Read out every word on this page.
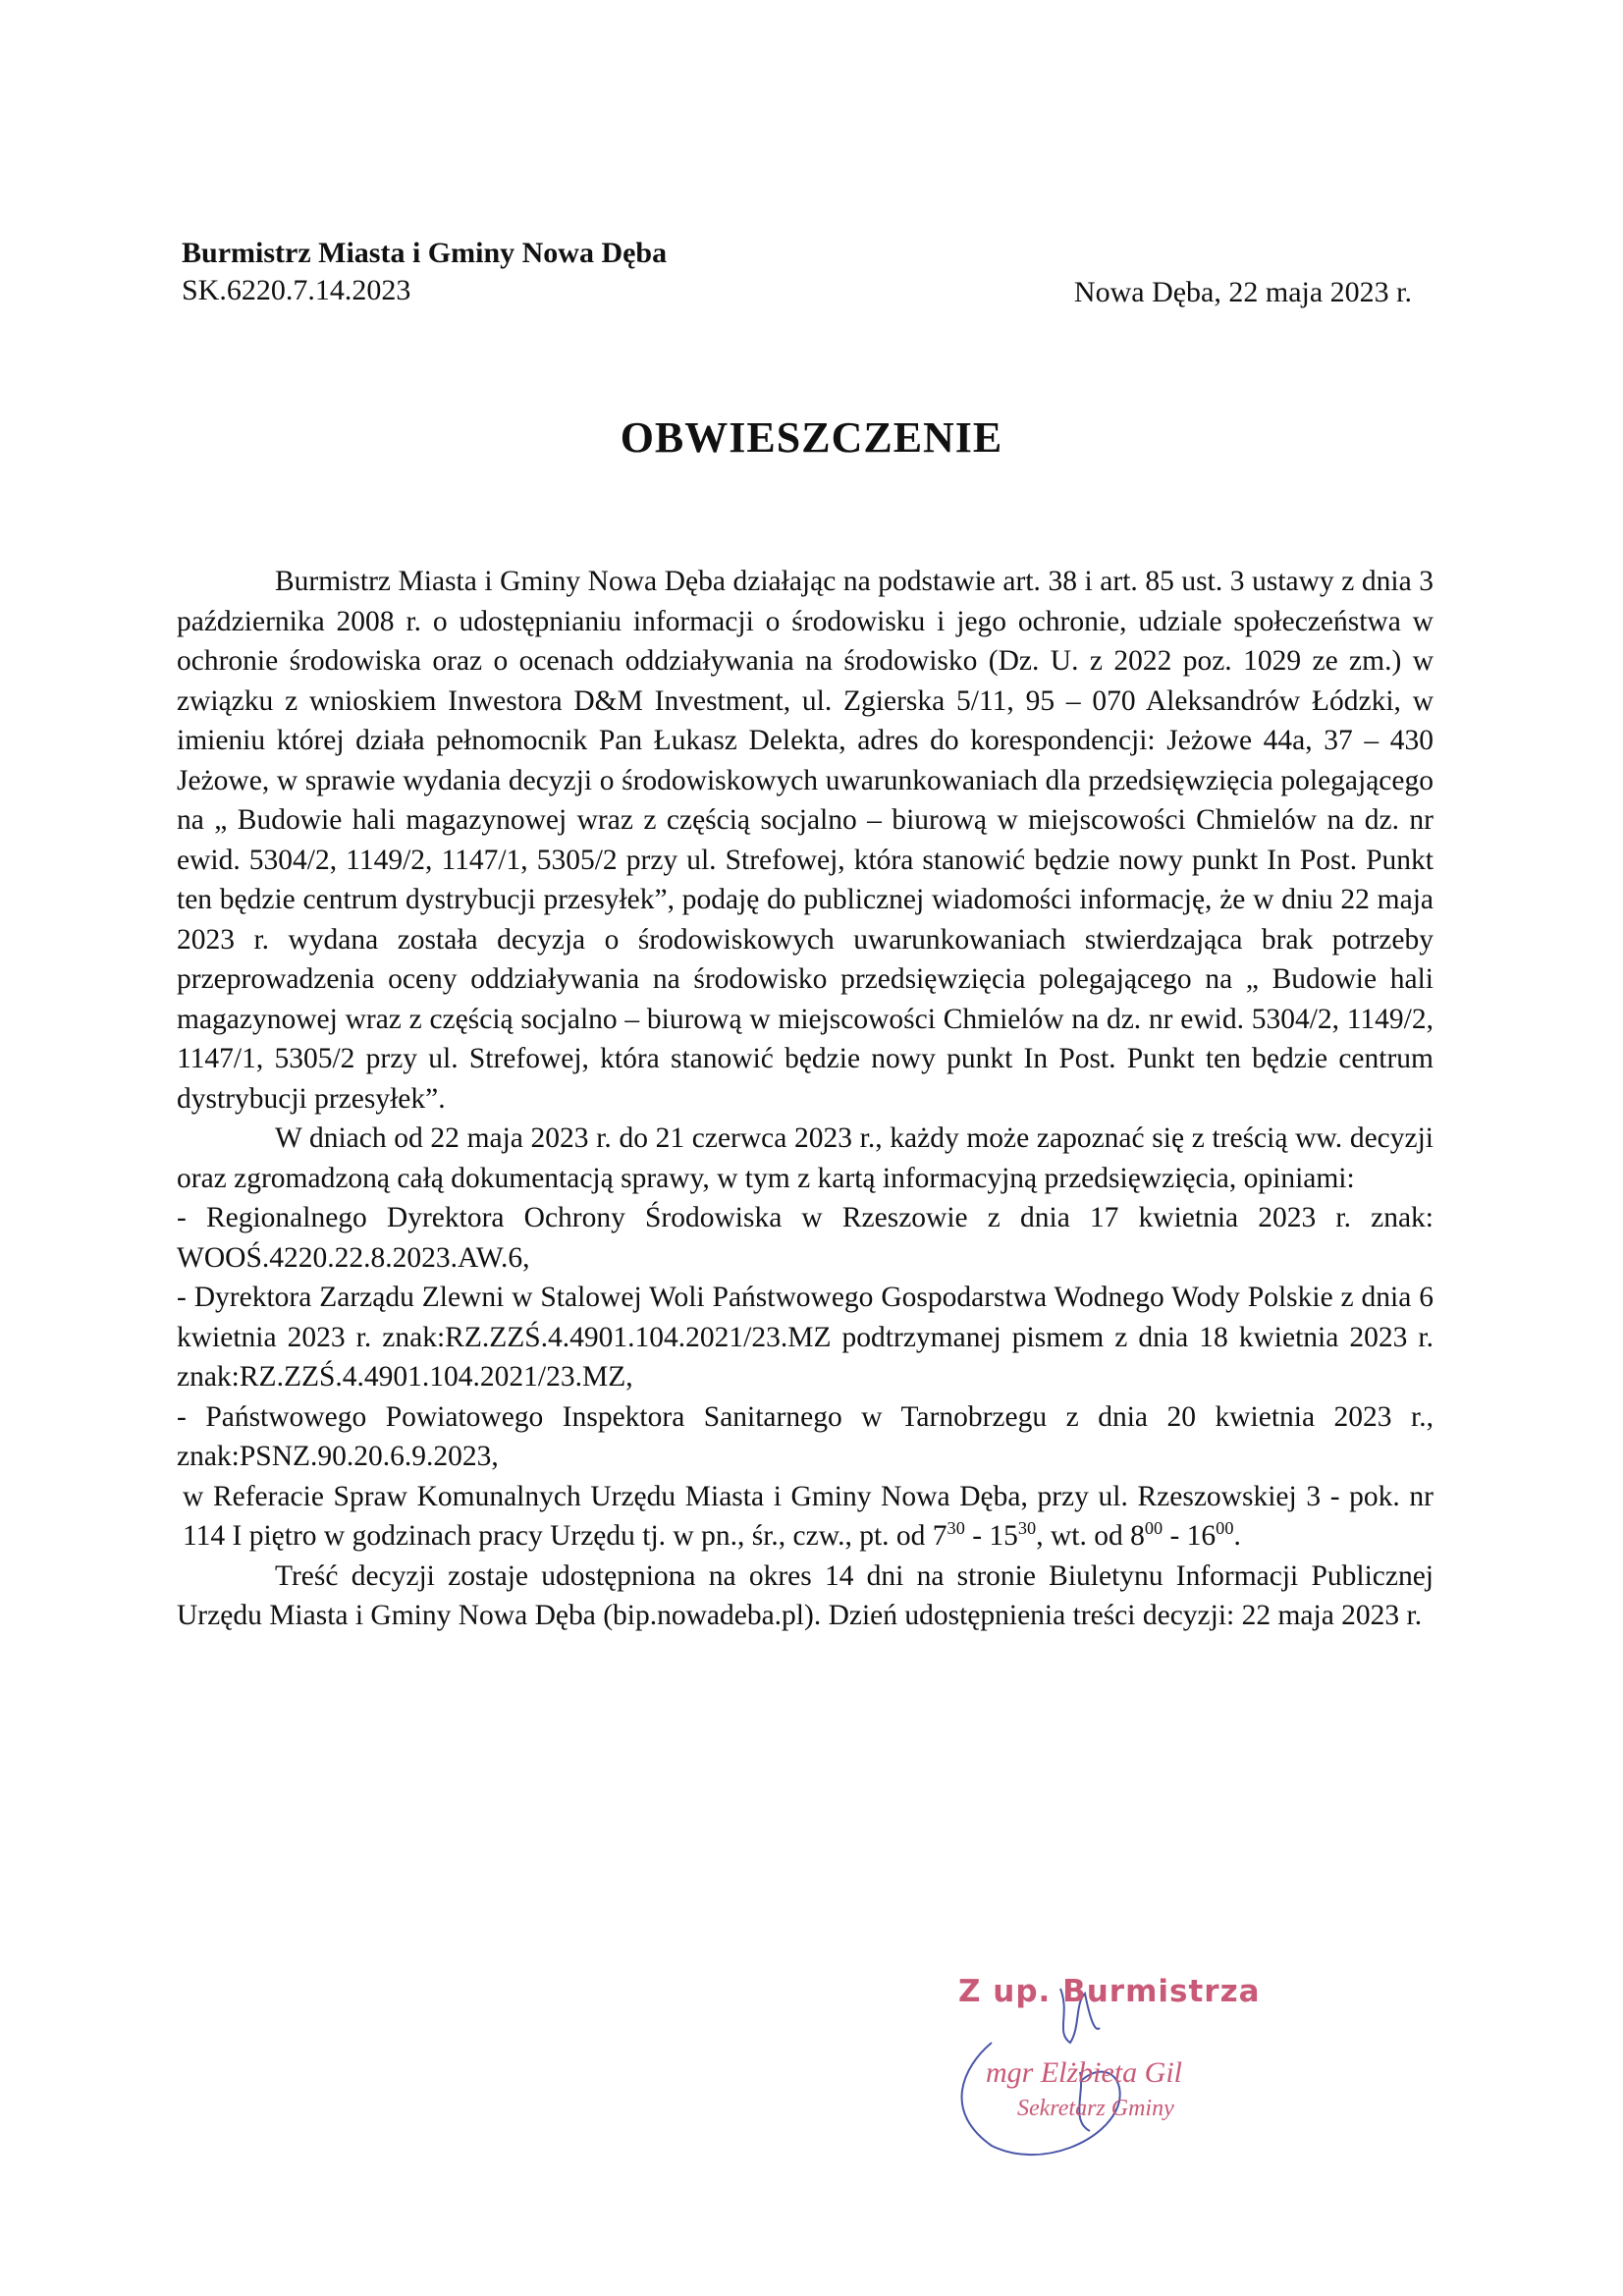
Burmistrz Miasta i Gminy Nowa Dęba
SK.6220.7.14.2023	Nowa Dęba, 22 maja 2023 r.
OBWIESZCZENIE

Burmistrz Miasta i Gminy Nowa Dęba działając na podstawie art. 38 i art. 85 ust. 3 ustawy z dnia 3 października 2008 r. o udostępnianiu informacji o środowisku i jego ochronie, udziale społeczeństwa w ochronie środowiska oraz o ocenach oddziaływania na środowisko (Dz. U. z 2022 poz. 1029 ze zm.) w związku z wnioskiem Inwestora D&M Investment, ul. Zgierska 5/11, 95 – 070 Aleksandrów Łódzki, w imieniu której działa pełnomocnik Pan Łukasz Delekta, adres do korespondencji: Jeżowe 44a, 37 – 430 Jeżowe, w sprawie wydania decyzji o środowiskowych uwarunkowaniach dla przedsięwzięcia polegającego na „ Budowie hali magazynowej wraz z częścią socjalno – biurową w miejscowości Chmielów na dz. nr ewid. 5304/2, 1149/2, 1147/1, 5305/2 przy ul. Strefowej, która stanowić będzie nowy punkt In Post. Punkt ten będzie centrum dystrybucji przesyłek”, podaję do publicznej wiadomości informację, że w dniu 22 maja 2023 r. wydana została decyzja o środowiskowych uwarunkowaniach stwierdzająca brak potrzeby przeprowadzenia oceny oddziaływania na środowisko przedsięwzięcia polegającego na „ Budowie hali magazynowej wraz z częścią socjalno – biurową w miejscowości Chmielów na dz. nr ewid. 5304/2, 1149/2, 1147/1, 5305/2 przy ul. Strefowej, która stanowić będzie nowy punkt In Post. Punkt ten będzie centrum dystrybucji przesyłek”.

W dniach od 22 maja 2023 r. do 21 czerwca 2023 r., każdy może zapoznać się z treścią ww. decyzji oraz zgromadzoną całą dokumentacją sprawy, w tym z kartą informacyjną przedsięwzięcia, opiniami:

- Regionalnego Dyrektora Ochrony Środowiska w Rzeszowie z dnia 17 kwietnia 2023 r. znak: WOOŚ.4220.22.8.2023.AW.6,

- Dyrektora Zarządu Zlewni w Stalowej Woli Państwowego Gospodarstwa Wodnego Wody Polskie z dnia 6 kwietnia 2023 r. znak:RZ.ZZŚ.4.4901.104.2021/23.MZ podtrzymanej pismem z dnia 18 kwietnia 2023 r. znak:RZ.ZZŚ.4.4901.104.2021/23.MZ,

- Państwowego Powiatowego Inspektora Sanitarnego w Tarnobrzegu z dnia 20 kwietnia 2023 r., znak:PSNZ.90.20.6.9.2023,

w Referacie Spraw Komunalnych Urzędu Miasta i Gminy Nowa Dęba, przy ul. Rzeszowskiej 3 - pok. nr 114 I piętro w godzinach pracy Urzędu tj. w pn., śr., czw., pt. od $7^{30} - 15^{30}$, wt. od $8^{00} - 16^{00}$.

Treść decyzji zostaje udostępniona na okres 14 dni na stronie Biuletynu Informacji Publicznej Urzędu Miasta i Gminy Nowa Dęba (bip.nowadeba.pl). Dzień udostępnienia treści decyzji: 22 maja 2023 r.

Z up. Burmistrza
mgr Elżbieta Gil
Sekretarz Gminy
